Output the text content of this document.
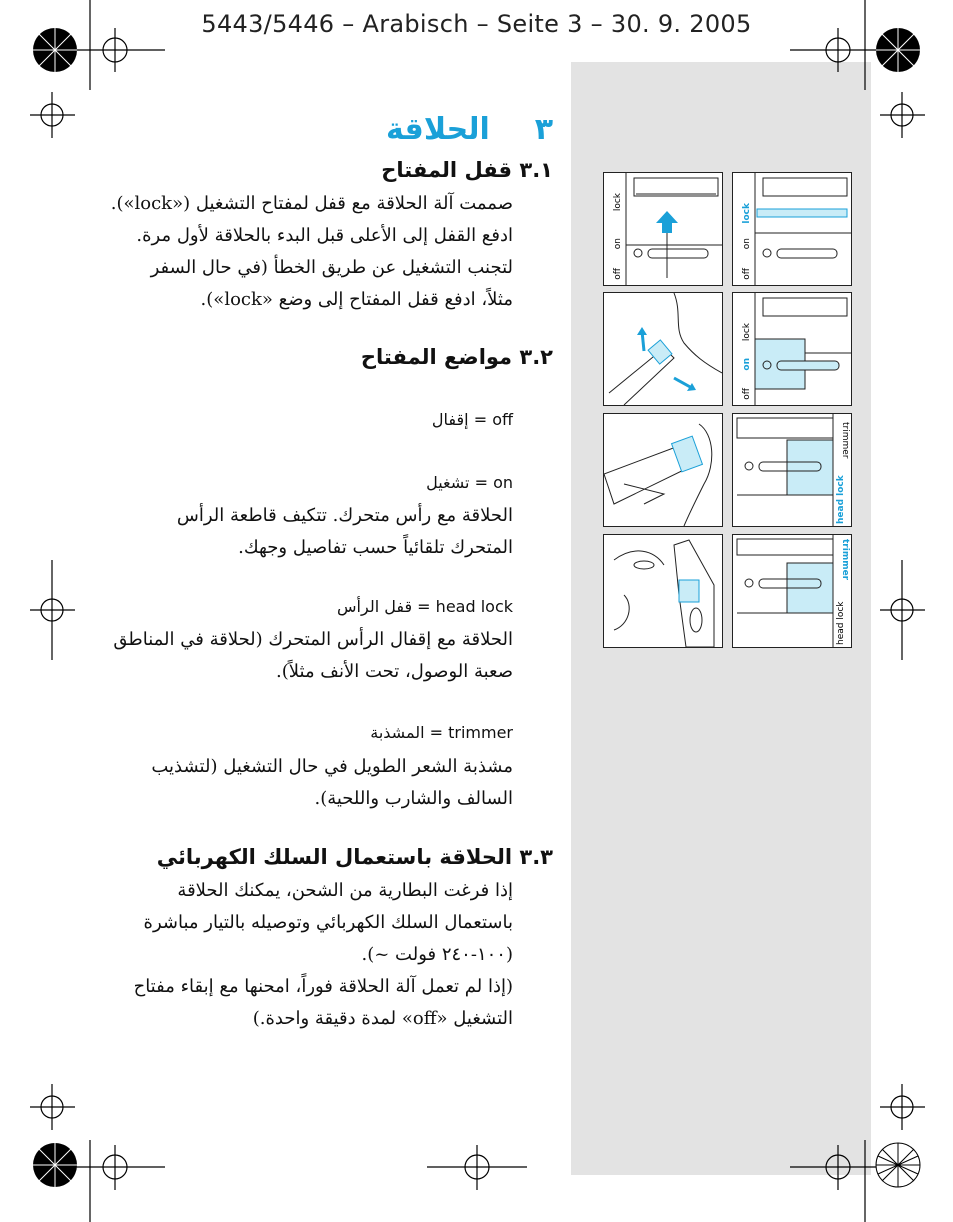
5443/5446 – Arabisch – Seite 3 – 30. 9. 2005
٣  الحلاقة
٣.١ قفل المفتاح
صممت آلة الحلاقة مع قفل لمفتاح التشغيل («lock»).
ادفع القفل إلى الأعلى قبل البدء بالحلاقة لأول مرة.
لتجنب التشغيل عن طريق الخطأ (في حال السفر
مثلاً، ادفع قفل المفتاح إلى وضع «lock»).
٣.٢ مواضع المفتاح
off = إقفال
on = تشغيل
الحلاقة مع رأس متحرك. تتكيف قاطعة الرأس
المتحرك تلقائياً حسب تفاصيل وجهك.
head lock = قفل الرأس
الحلاقة مع إقفال الرأس المتحرك (لحلاقة في المناطق
صعبة الوصول، تحت الأنف مثلاً).
trimmer = المشذبة
مشذبة الشعر الطويل في حال التشغيل (لتشذيب
السالف والشارب واللحية).
٣.٣ الحلاقة باستعمال السلك الكهربائي
إذا فرغت البطارية من الشحن، يمكنك الحلاقة
باستعمال السلك الكهربائي وتوصيله بالتيار مباشرة
(١٠٠-٢٤٠ فولت ~).
(إذا لم تعمل آلة الحلاقة فوراً، امحنها مع إبقاء مفتاح
التشغيل «off» لمدة دقيقة واحدة.)
lock
on
off
lock
on
off
lock
on
off
trimmer
head lock
trimmer
head lock
